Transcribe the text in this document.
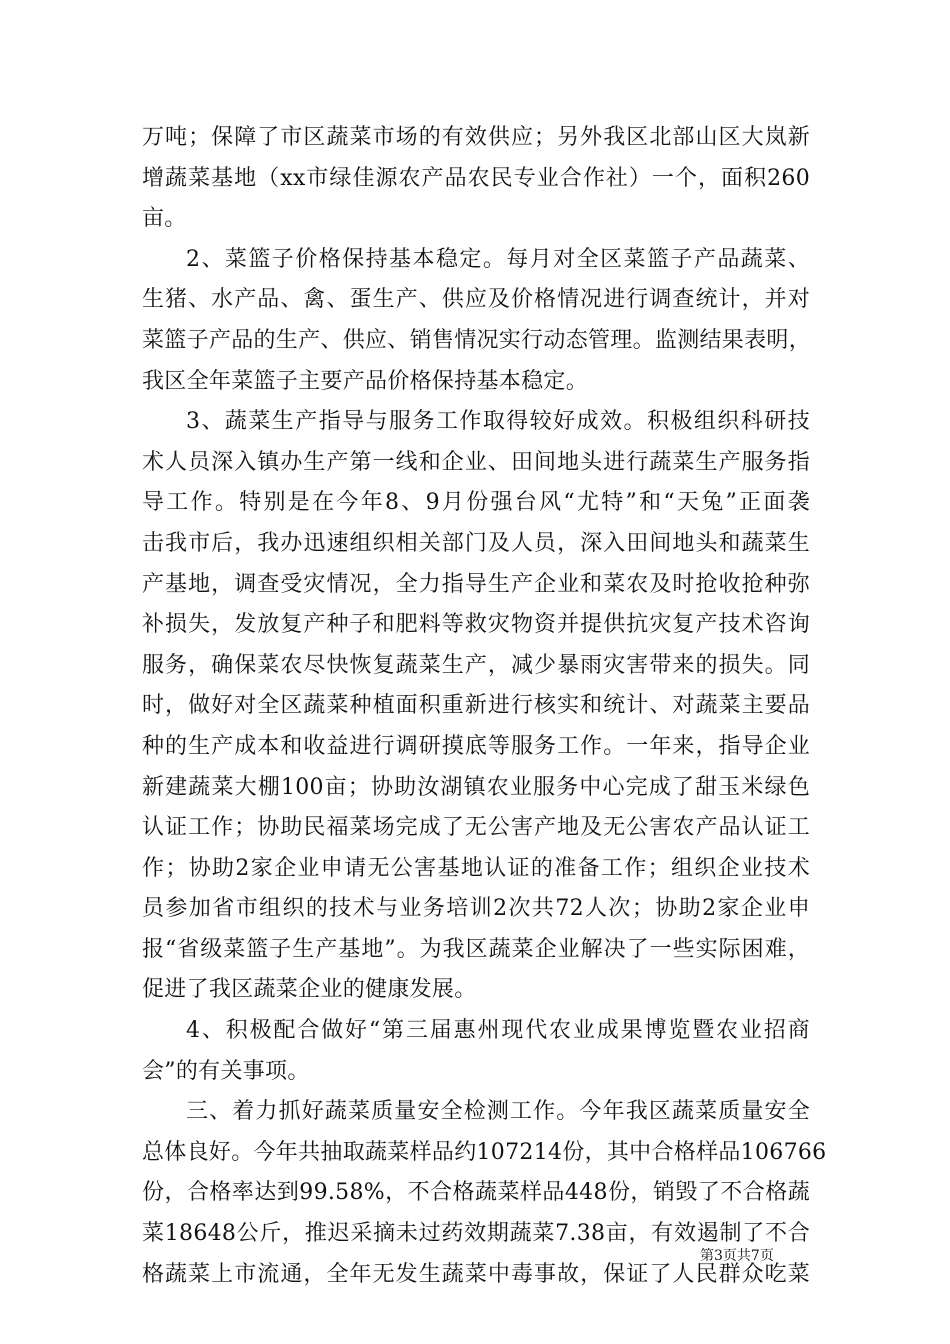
万吨；保障了市区蔬菜市场的有效供应；另外我区北部山区大岚新
增蔬菜基地（xx市绿佳源农产品农民专业合作社）一个，面积260
亩。
2、菜篮子价格保持基本稳定。每月对全区菜篮子产品蔬菜、
生猪、水产品、禽、蛋生产、供应及价格情况进行调查统计，并对
菜篮子产品的生产、供应、销售情况实行动态管理。监测结果表明，
我区全年菜篮子主要产品价格保持基本稳定。
3、蔬菜生产指导与服务工作取得较好成效。积极组织科研技
术人员深入镇办生产第一线和企业、田间地头进行蔬菜生产服务指
导工作。特别是在今年8、9月份强台风“尤特”和“天兔”正面袭
击我市后，我办迅速组织相关部门及人员，深入田间地头和蔬菜生
产基地，调查受灾情况，全力指导生产企业和菜农及时抢收抢种弥
补损失，发放复产种子和肥料等救灾物资并提供抗灾复产技术咨询
服务，确保菜农尽快恢复蔬菜生产，减少暴雨灾害带来的损失。同
时，做好对全区蔬菜种植面积重新进行核实和统计、对蔬菜主要品
种的生产成本和收益进行调研摸底等服务工作。一年来，指导企业
新建蔬菜大棚100亩；协助汝湖镇农业服务中心完成了甜玉米绿色
认证工作；协助民福菜场完成了无公害产地及无公害农产品认证工
作；协助2家企业申请无公害基地认证的准备工作；组织企业技术
员参加省市组织的技术与业务培训2次共72人次；协助2家企业申
报“省级菜篮子生产基地”。为我区蔬菜企业解决了一些实际困难，
促进了我区蔬菜企业的健康发展。
4、积极配合做好“第三届惠州现代农业成果博览暨农业招商
会”的有关事项。
三、着力抓好蔬菜质量安全检测工作。今年我区蔬菜质量安全
总体良好。今年共抽取蔬菜样品约107214份，其中合格样品106766
份，合格率达到99.58%，不合格蔬菜样品448份，销毁了不合格蔬
菜18648公斤，推迟采摘未过药效期蔬菜7.38亩，有效遏制了不合
格蔬菜上市流通，全年无发生蔬菜中毒事故，保证了人民群众吃菜
第3页共7页
